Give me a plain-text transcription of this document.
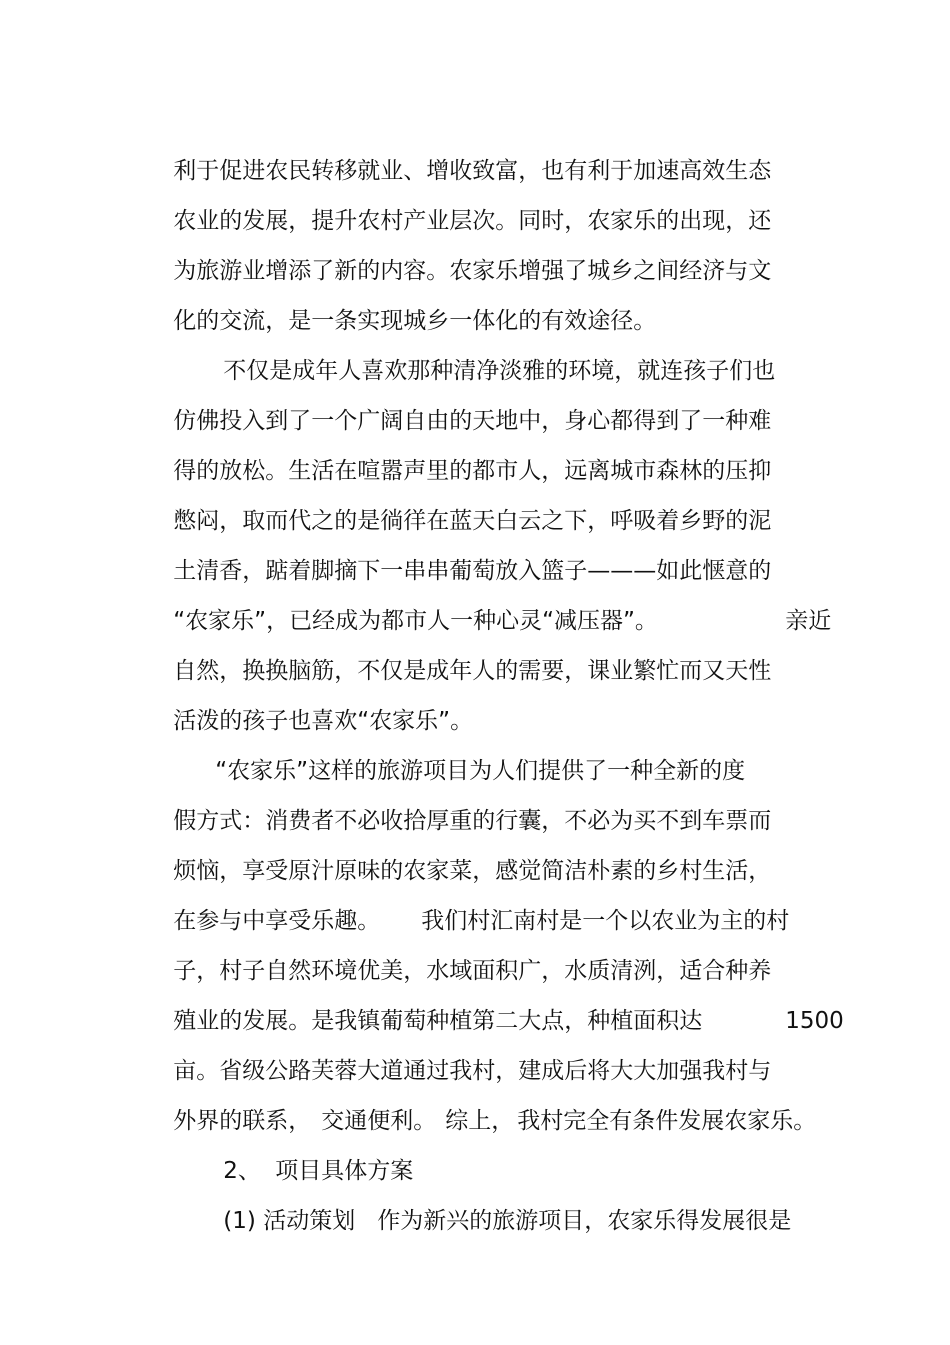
利于促进农民转移就业、增收致富，也有利于加速高效生态

农业的发展，提升农村产业层次。同时，农家乐的出现，还

为旅游业增添了新的内容。农家乐增强了城乡之间经济与文

化的交流，是一条实现城乡一体化的有效途径。

不仅是成年人喜欢那种清净淡雅的环境，就连孩子们也

仿佛投入到了一个广阔自由的天地中，身心都得到了一种难

得的放松。生活在喧嚣声里的都市人，远离城市森林的压抑

憋闷，取而代之的是徜徉在蓝天白云之下，呼吸着乡野的泥

土清香，踮着脚摘下一串串葡萄放入篮子———如此惬意的

“农家乐”，已经成为都市人一种心灵“减压器”。
	亲近

自然，换换脑筋，不仅是成年人的需要，课业繁忙而又天性

活泼的孩子也喜欢“农家乐”。

“农家乐”这样的旅游项目为人们提供了一种全新的度

假方式：消费者不必收拾厚重的行囊，不必为买不到车票而

烦恼，享受原汁原味的农家菜，感觉简洁朴素的乡村生活，

在参与中享受乐趣。
	我们村汇南村是一个以农业为主的村

子，村子自然环境优美，水域面积广，水质清洌，适合种养

殖业的发展。是我镇葡萄种植第二大点，种植面积达
	1500

亩。省级公路芙蓉大道通过我村，建成后将大大加强我村与

外界的联系，
交通便利。
综上，
我村完全有条件发展农家乐。

2、
项目具体方案

(1)
活动策划
作为新兴的旅游项目，农家乐得发展很是
